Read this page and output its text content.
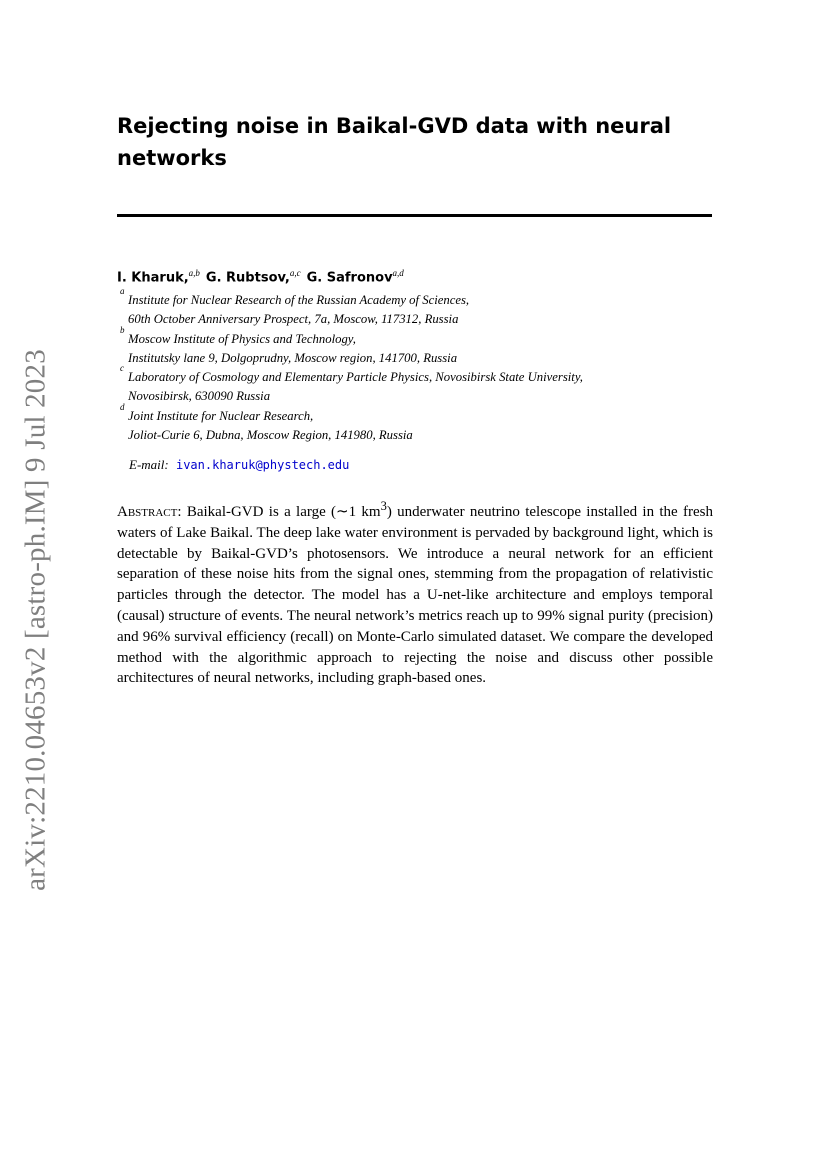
arXiv:2210.04653v2 [astro-ph.IM] 9 Jul 2023
Rejecting noise in Baikal-GVD data with neural
networks
I. Kharuk,$^{a,b}$ G. Rubtsov,$^{a,c}$ G. Safronov$^{a,d}$
a
Institute for Nuclear Research of the Russian Academy of Sciences,
60th October Anniversary Prospect, 7a, Moscow, 117312, Russia
b
Moscow Institute of Physics and Technology,
Institutsky lane 9, Dolgoprudny, Moscow region, 141700, Russia
c
Laboratory of Cosmology and Elementary Particle Physics, Novosibirsk State University,
Novosibirsk, 630090 Russia
d
Joint Institute for Nuclear Research,
Joliot-Curie 6, Dubna, Moscow Region, 141980, Russia
E-mail: ivan.kharuk@phystech.edu

Abstract: Baikal-GVD is a large (∼1 $km^3$) underwater neutrino telescope installed in the fresh waters of Lake Baikal. The deep lake water environment is pervaded by background light, which is detectable by Baikal-GVD’s photosensors. We introduce a neural network for an efficient separation of these noise hits from the signal ones, stemming from the propagation of relativistic particles through the detector. The model has a U-net-like architecture and employs temporal (causal) structure of events. The neural network’s metrics reach up to 99% signal purity (precision) and 96% survival efficiency (recall) on Monte-Carlo simulated dataset. We compare the developed method with the algorithmic approach to rejecting the noise and discuss other possible architectures of neural networks, including graph-based ones.
